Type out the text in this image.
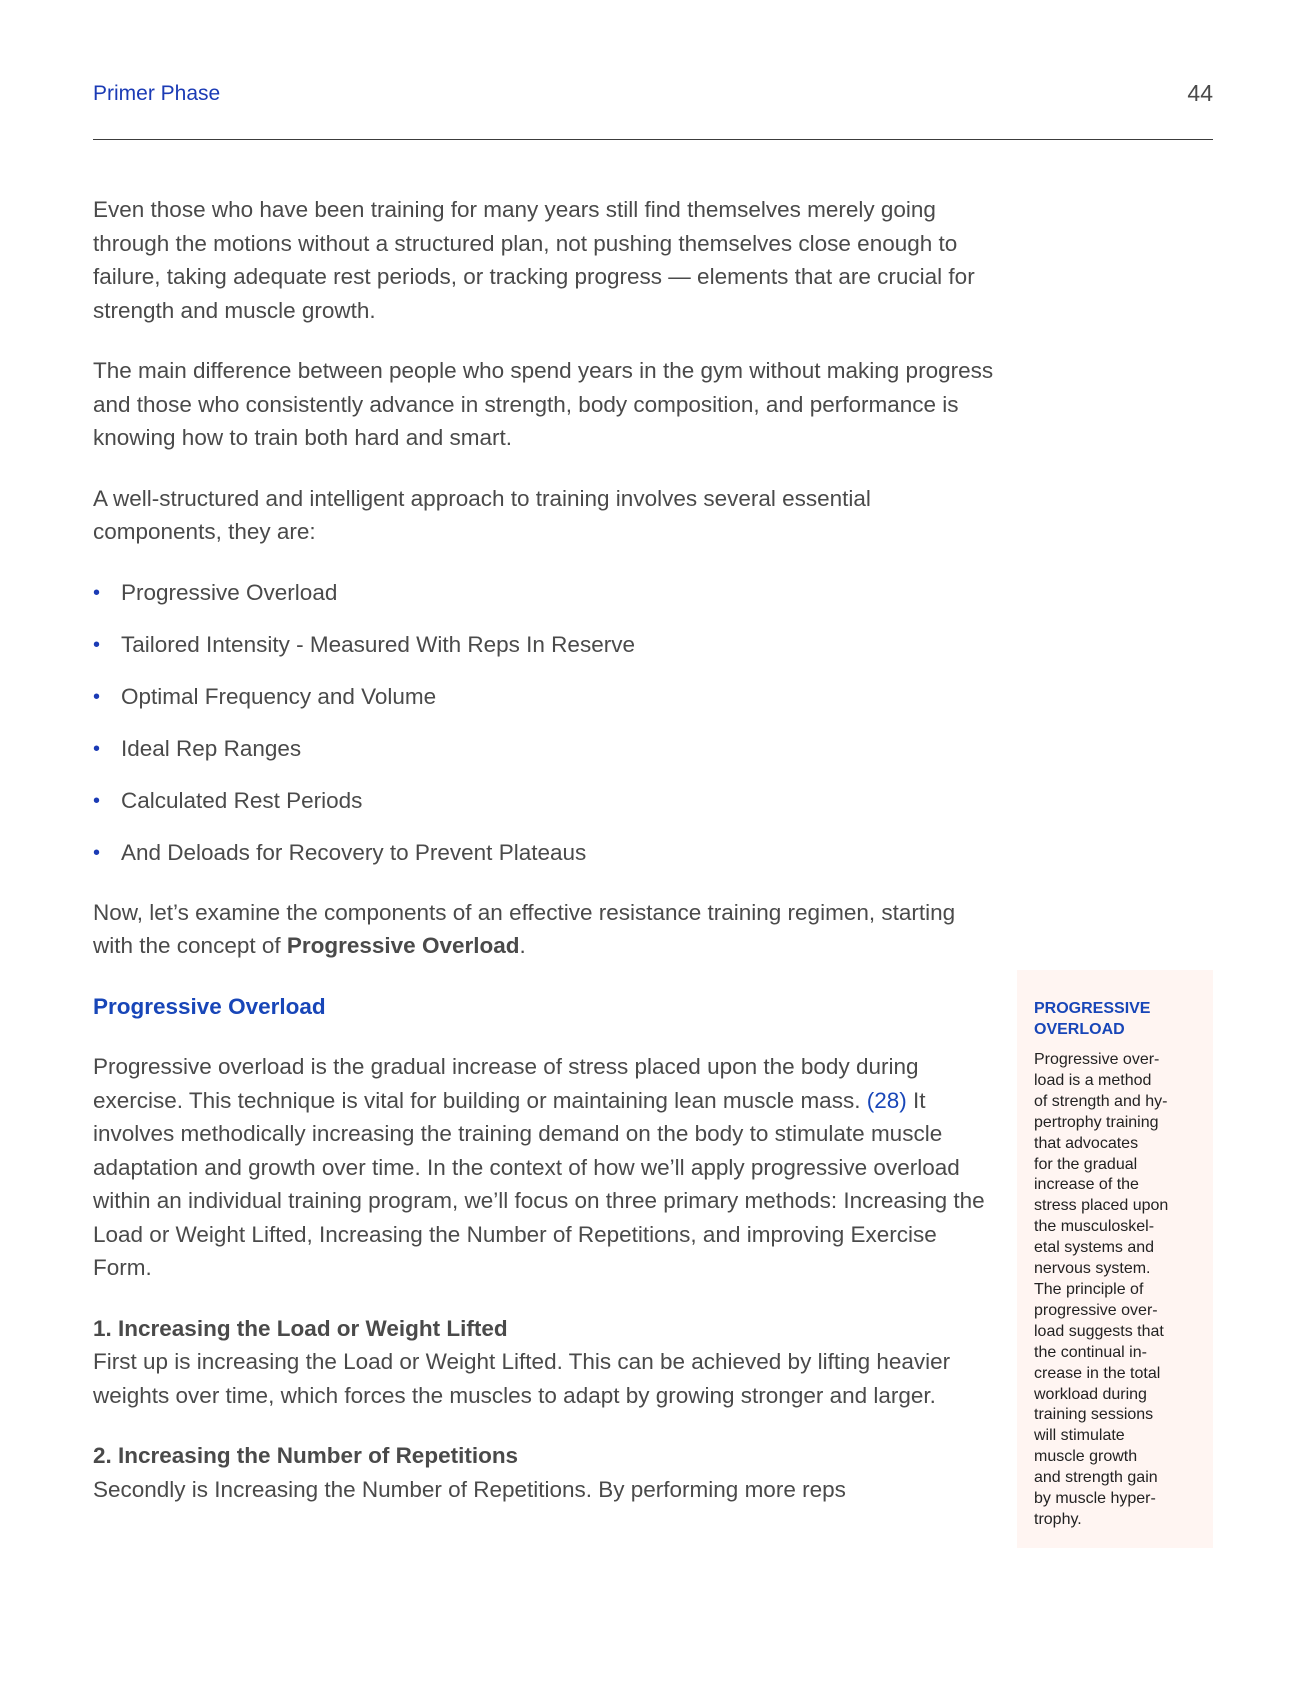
Primer Phase	44

Even those who have been training for many years still find themselves merely going through the motions without a structured plan, not pushing themselves close enough to failure, taking adequate rest periods, or tracking progress — elements that are crucial for strength and muscle growth.

The main difference between people who spend years in the gym without making progress and those who consistently advance in strength, body composition, and performance is knowing how to train both hard and smart.

A well-structured and intelligent approach to training involves several essential components, they are:

• Progressive Overload
• Tailored Intensity - Measured With Reps In Reserve
• Optimal Frequency and Volume
• Ideal Rep Ranges
• Calculated Rest Periods
• And Deloads for Recovery to Prevent Plateaus

Now, let’s examine the components of an effective resistance training regimen, starting with the concept of Progressive Overload.

Progressive Overload

Progressive overload is the gradual increase of stress placed upon the body during exercise. This technique is vital for building or maintaining lean muscle mass. (28) It involves methodically increasing the training demand on the body to stimulate muscle adaptation and growth over time. In the context of how we’ll apply progressive overload within an individual training program, we’ll focus on three primary methods: Increasing the Load or Weight Lifted, Increasing the Number of Repetitions, and improving Exercise Form.

1. Increasing the Load or Weight Lifted
First up is increasing the Load or Weight Lifted. This can be achieved by lifting heavier weights over time, which forces the muscles to adapt by growing stronger and larger.

2. Increasing the Number of Repetitions
Secondly is Increasing the Number of Repetitions. By performing more reps

PROGRESSIVE
OVERLOAD
Progressive over-
load is a method
of strength and hy-
pertrophy training
that advocates
for the gradual
increase of the
stress placed upon
the musculoskel-
etal systems and
nervous system.
The principle of
progressive over-
load suggests that
the continual in-
crease in the total
workload during
training sessions
will stimulate
muscle growth
and strength gain
by muscle hyper-
trophy.
